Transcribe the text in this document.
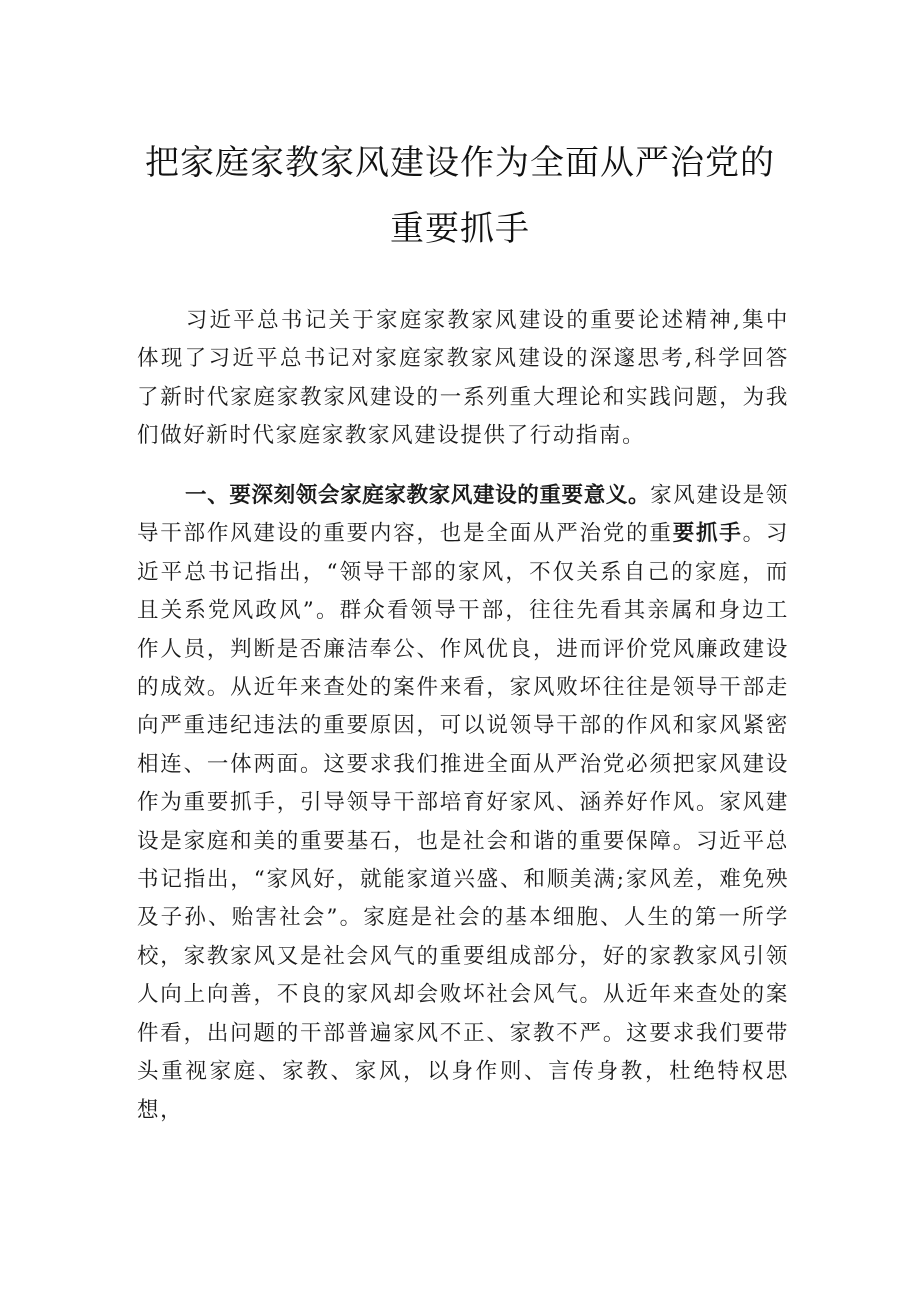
把家庭家教家风建设作为全面从严治党的
重要抓手

习近平总书记关于家庭家教家风建设的重要论述精神,集中体现了习近平总书记对家庭家教家风建设的深邃思考,科学回答了新时代家庭家教家风建设的一系列重大理论和实践问题，为我们做好新时代家庭家教家风建设提供了行动指南。

一、要深刻领会家庭家教家风建设的重要意义。家风建设是领导干部作风建设的重要内容，也是全面从严治党的重要抓手。习近平总书记指出，“领导干部的家风，不仅关系自己的家庭，而且关系党风政风”。群众看领导干部，往往先看其亲属和身边工作人员，判断是否廉洁奉公、作风优良，进而评价党风廉政建设的成效。从近年来查处的案件来看，家风败坏往往是领导干部走向严重违纪违法的重要原因，可以说领导干部的作风和家风紧密相连、一体两面。这要求我们推进全面从严治党必须把家风建设作为重要抓手，引导领导干部培育好家风、涵养好作风。家风建设是家庭和美的重要基石，也是社会和谐的重要保障。习近平总书记指出，“家风好，就能家道兴盛、和顺美满;家风差，难免殃及子孙、贻害社会”。家庭是社会的基本细胞、人生的第一所学校，家教家风又是社会风气的重要组成部分，好的家教家风引领人向上向善，不良的家风却会败坏社会风气。从近年来查处的案件看，出问题的干部普遍家风不正、家教不严。这要求我们要带头重视家庭、家教、家风，以身作则、言传身教，杜绝特权思想，
